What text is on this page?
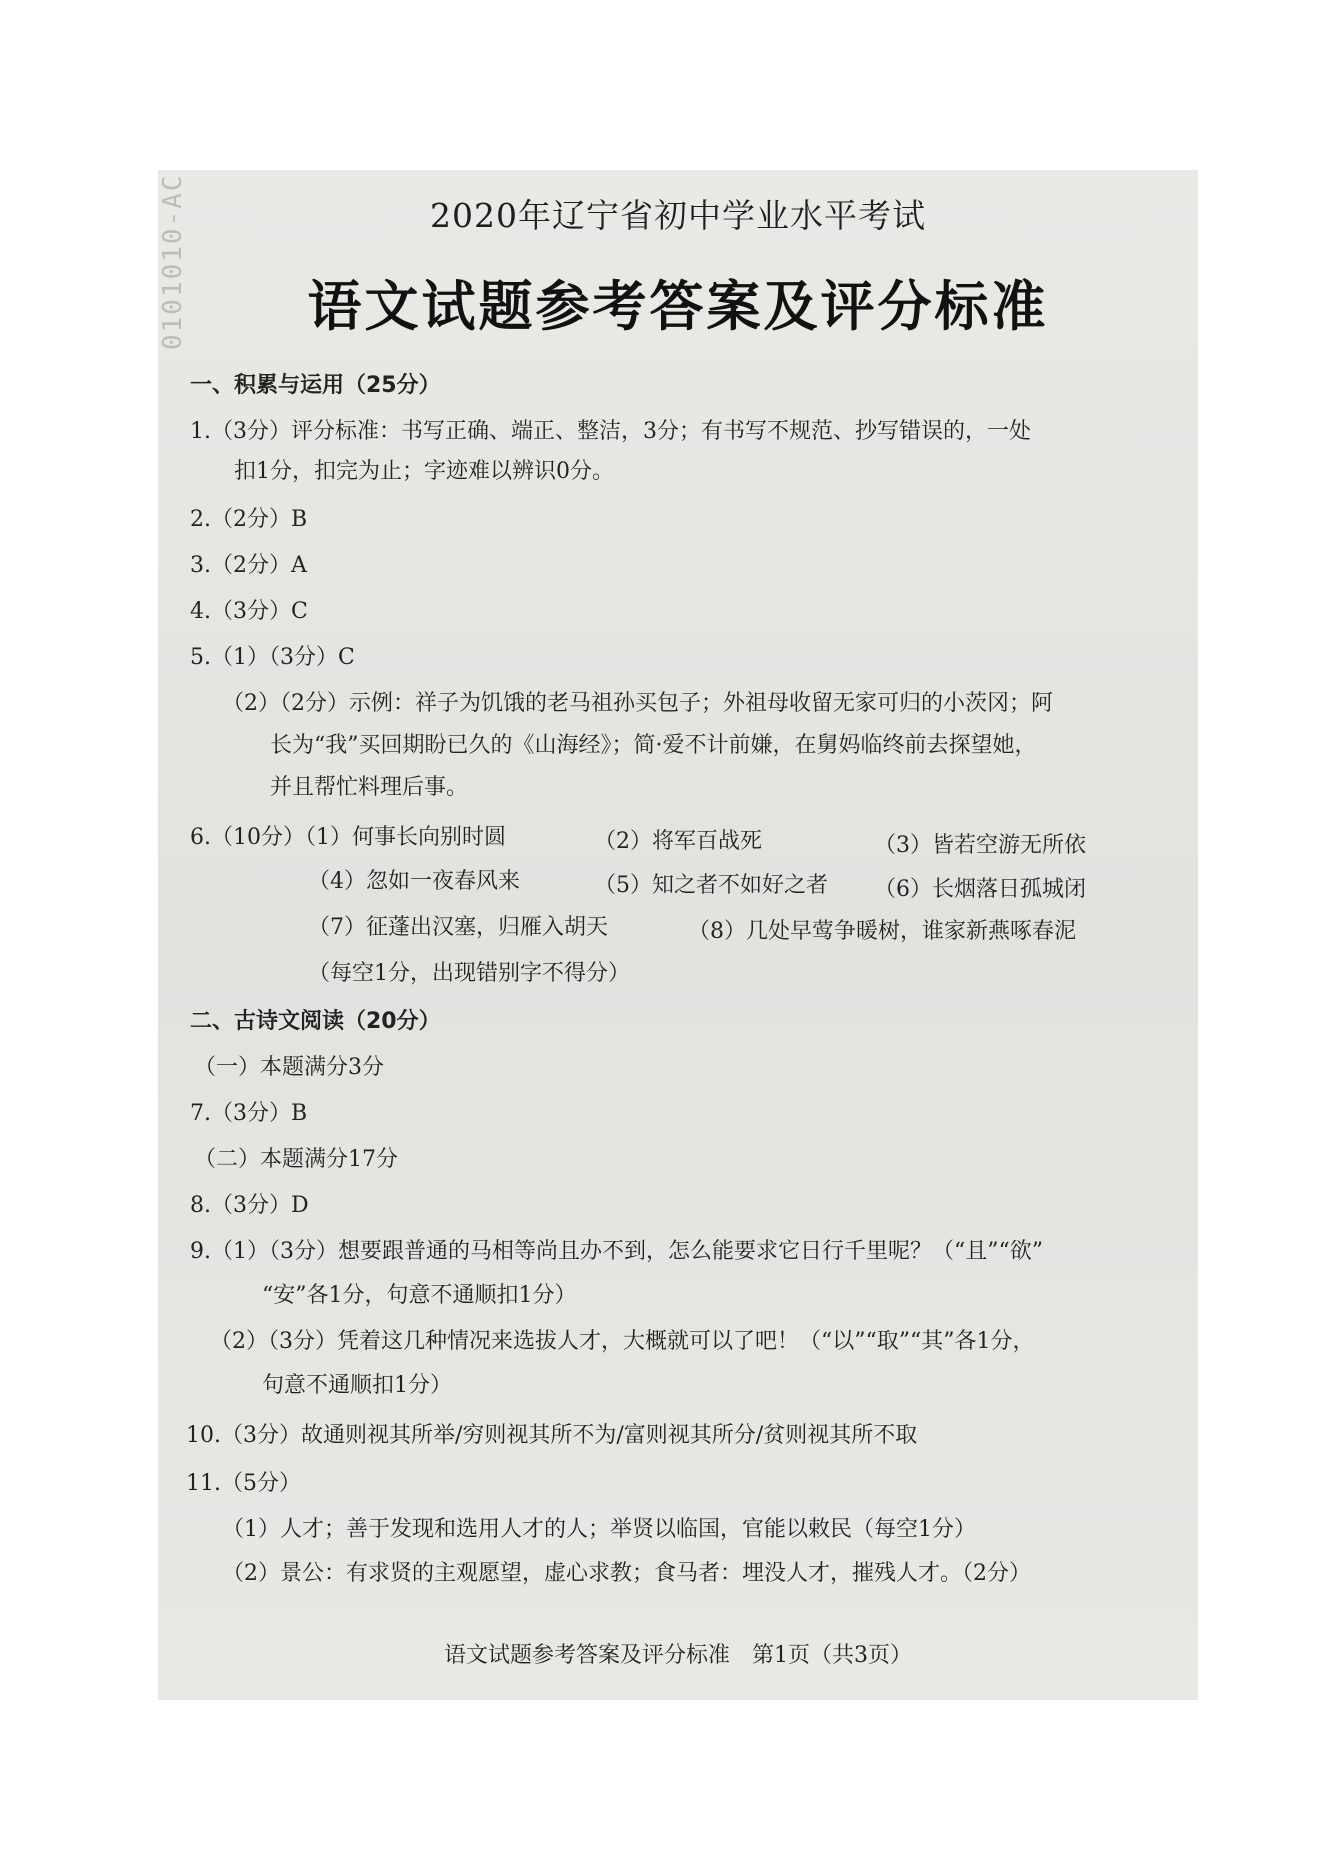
0101010-AC	2020年辽宁省初中学业水平考试
语文试题参考答案及评分标准
一、积累与运用（25分）
1.（3分）评分标准：书写正确、端正、整洁，3分；有书写不规范、抄写错误的，一处
扣1分，扣完为止；字迹难以辨识0分。
2.（2分）B
3.（2分）A
4.（3分）C
5.（1）（3分）C
（2）（2分）示例：祥子为饥饿的老马祖孙买包子；外祖母收留无家可归的小茨冈；阿
长为“我”买回期盼已久的《山海经》；简·爱不计前嫌，在舅妈临终前去探望她，
并且帮忙料理后事。
6.（10分）（1）何事长向别时圆	（2）将军百战死	（3）皆若空游无所依
（4）忽如一夜春风来	（5）知之者不如好之者 （6）长烟落日孤城闭
（7）征蓬出汉塞，归雁入胡天	（8）几处早莺争暖树，谁家新燕啄春泥
（每空1分，出现错别字不得分）
二、古诗文阅读（20分）
（一）本题满分3分
7.（3分）B
（二）本题满分17分
8.（3分）D
9.（1）（3分）想要跟普通的马相等尚且办不到，怎么能要求它日行千里呢？（“且”“欲”
“安”各1分，句意不通顺扣1分）
（2）（3分）凭着这几种情况来选拔人才，大概就可以了吧！（“以”“取”“其”各1分，
句意不通顺扣1分）
10.（3分）故通则视其所举/穷则视其所不为/富则视其所分/贫则视其所不取
11.（5分）
（1）人才；善于发现和选用人才的人；举贤以临国，官能以敕民（每空1分）
（2）景公：有求贤的主观愿望，虚心求教；食马者：埋没人才，摧残人才。（2分）
语文试题参考答案及评分标准　第1页（共3页）
